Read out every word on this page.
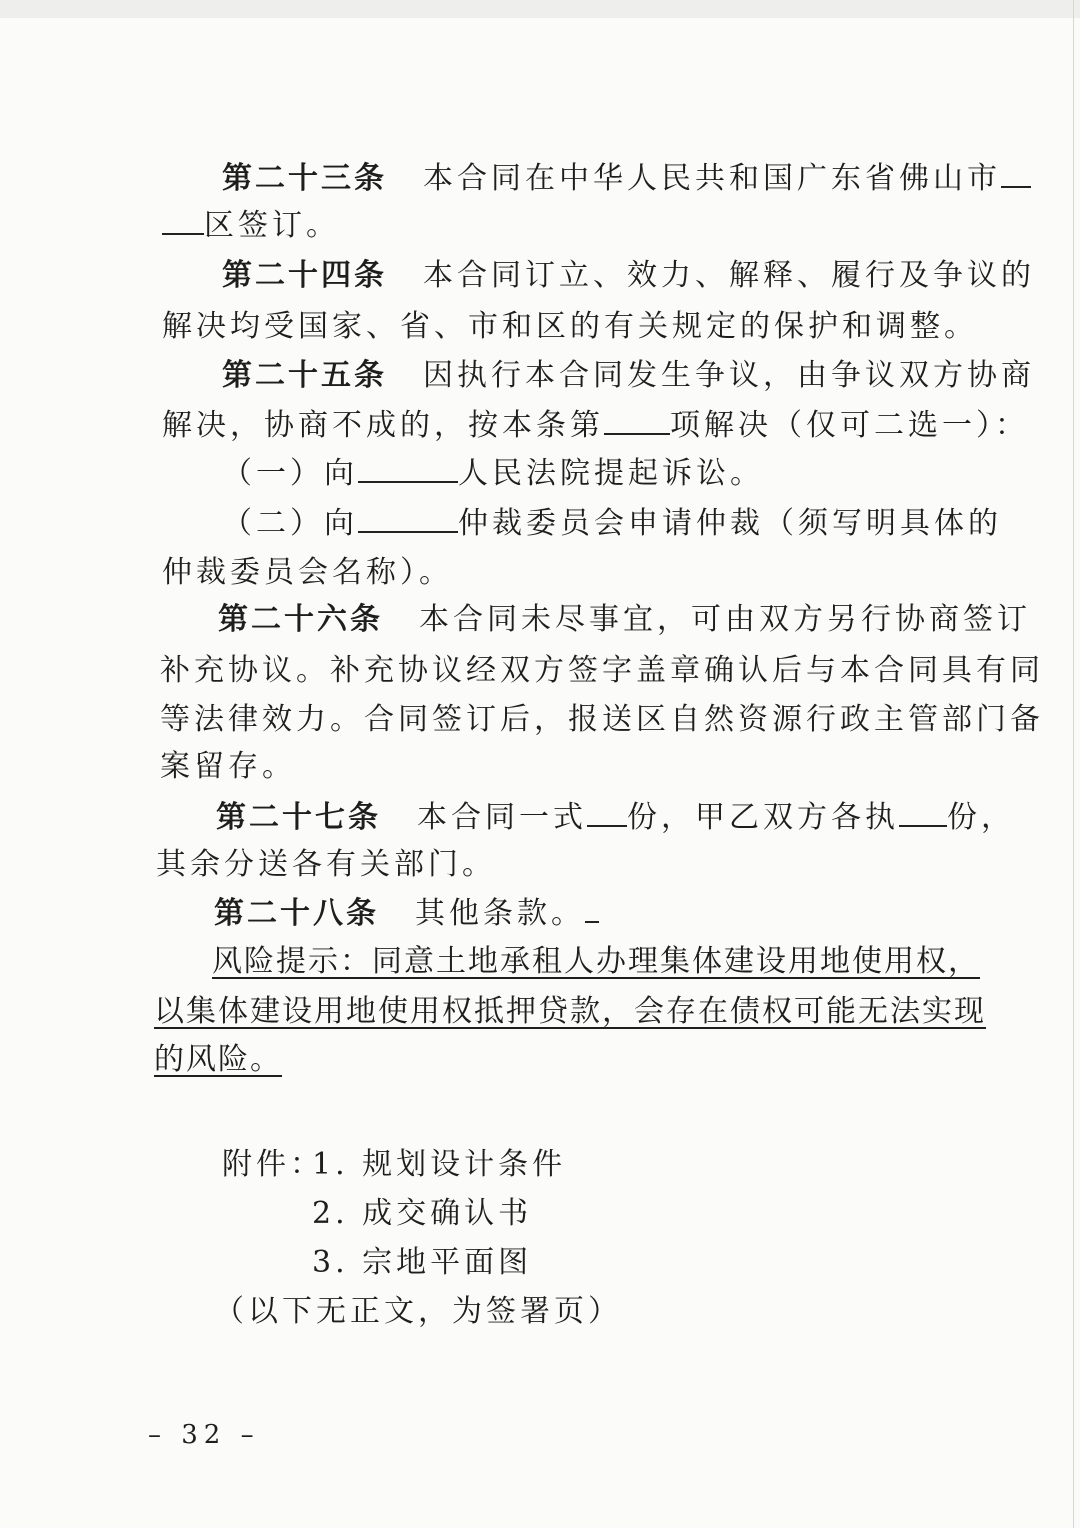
第二十三条 本合同在中华人民共和国广东省佛山市
区签订。
第二十四条 本合同订立、效力、解释、履行及争议的
解决均受国家、省、市和区的有关规定的保护和调整。
第二十五条 因执行本合同发生争议，由争议双方协商
解决，协商不成的，按本条第 项解决（仅可二选一）：
（一）向	人民法院提起诉讼。
（二）向	仲裁委员会申请仲裁（须写明具体的
仲裁委员会名称）。
第二十六条 本合同未尽事宜，可由双方另行协商签订
补充协议。补充协议经双方签字盖章确认后与本合同具有同
等法律效力。合同签订后，报送区自然资源行政主管部门备
案留存。
第二十七条 本合同一式 份，甲乙双方各执 份，
其余分送各有关部门。
第二十八条 其他条款。
风险提示：同意土地承租人办理集体建设用地使用权，
以集体建设用地使用权抵押贷款，会存在债权可能无法实现
的风险。
附件：
1. 规划设计条件
2. 成交确认书
3. 宗地平面图
（以下无正文，为签署页）
– 32 –
